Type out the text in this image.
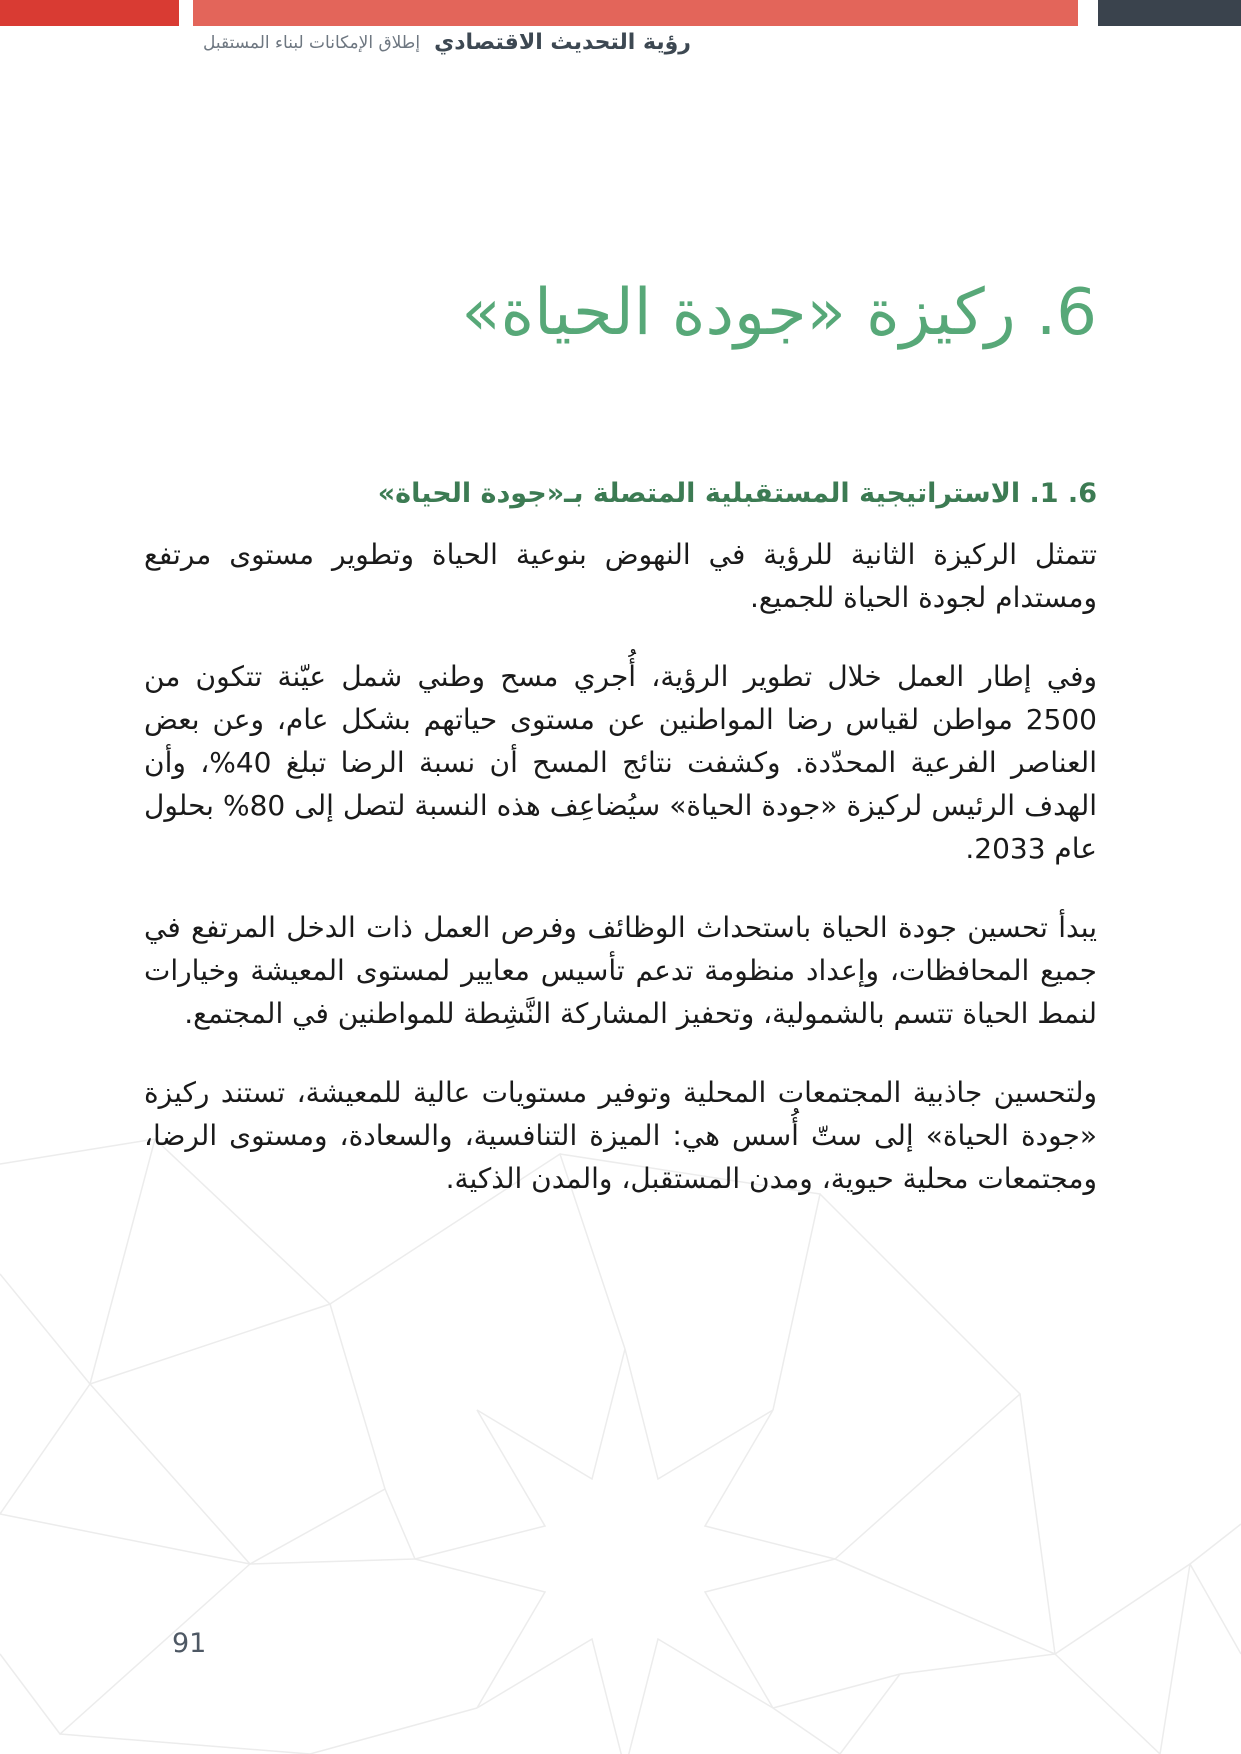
رؤية التحديث الاقتصادي
إطلاق الإمكانات لبناء المستقبل
6. ركيزة «جودة الحياة»
6. 1. الاستراتيجية المستقبلية المتصلة بـ«جودة الحياة»

تتمثل الركيزة الثانية للرؤية في النهوض بنوعية الحياة وتطوير مستوى مرتفع ومستدام لجودة الحياة للجميع.

وفي إطار العمل خلال تطوير الرؤية، أُجري مسح وطني شمل عيّنة تتكون من 2500 مواطن لقياس رضا المواطنين عن مستوى حياتهم بشكل عام، وعن بعض العناصر الفرعية المحدّدة. وكشفت نتائج المسح أن نسبة الرضا تبلغ 40%، وأن الهدف الرئيس لركيزة «جودة الحياة» سيُضاعِف هذه النسبة لتصل إلى 80% بحلول عام 2033.

يبدأ تحسين جودة الحياة باستحداث الوظائف وفرص العمل ذات الدخل المرتفع في جميع المحافظات، وإعداد منظومة تدعم تأسيس معايير لمستوى المعيشة وخيارات لنمط الحياة تتسم بالشمولية، وتحفيز المشاركة النَّشِطة للمواطنين في المجتمع.

ولتحسين جاذبية المجتمعات المحلية وتوفير مستويات عالية للمعيشة، تستند ركيزة «جودة الحياة» إلى ستّ أُسس هي: الميزة التنافسية، والسعادة، ومستوى الرضا، ومجتمعات محلية حيوية، ومدن المستقبل، والمدن الذكية.

91
